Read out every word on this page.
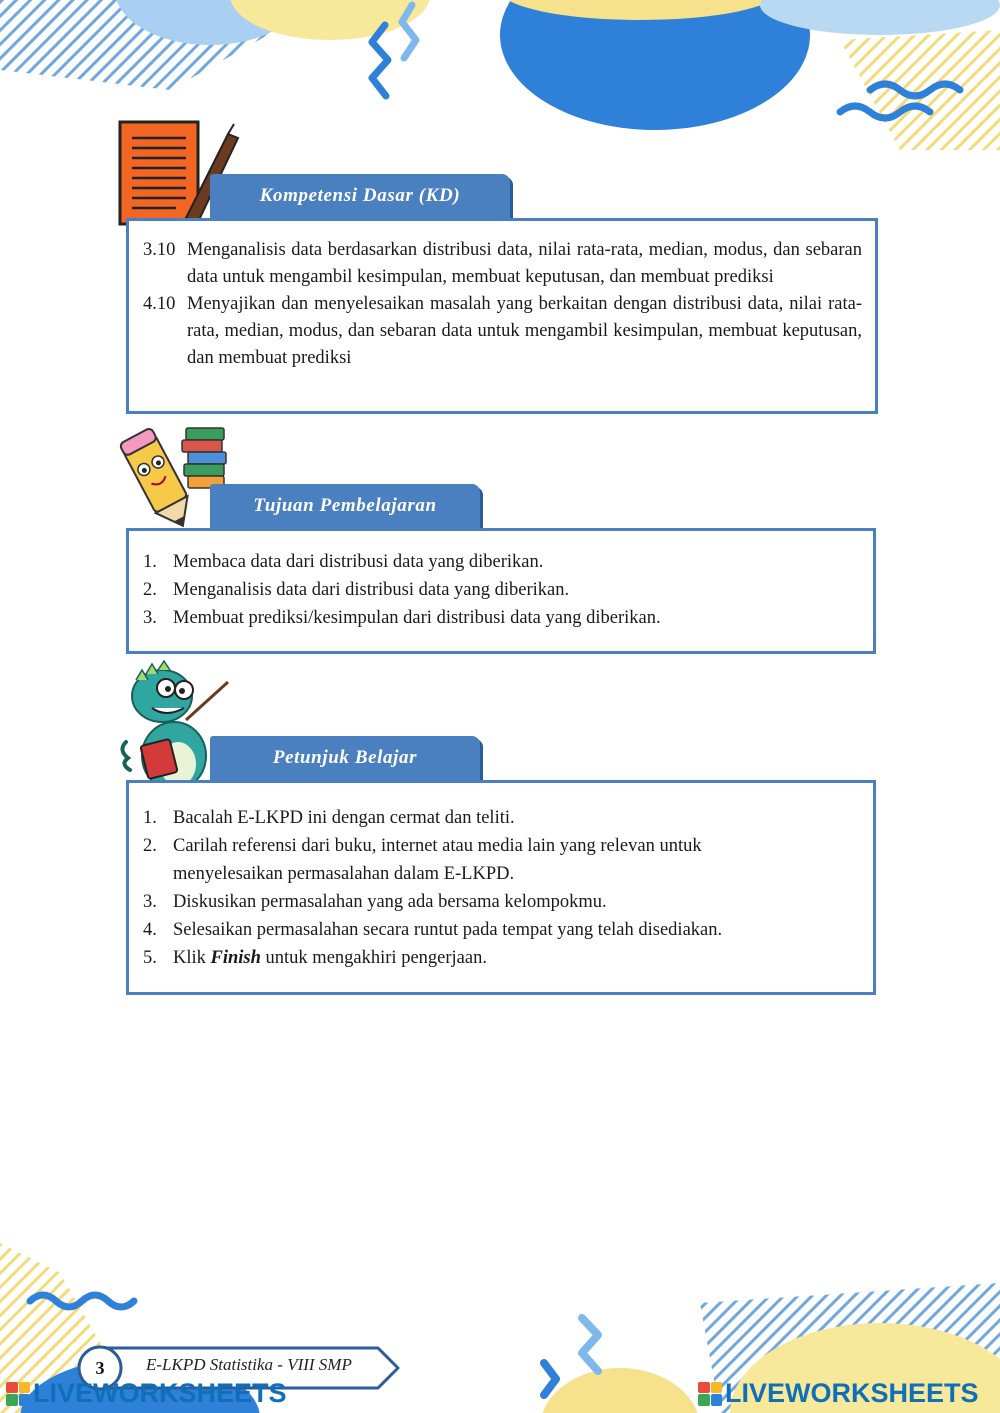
Kompetensi Dasar (KD)
3.10 Menganalisis data berdasarkan distribusi data, nilai rata-rata, median, modus, dan sebaran data untuk mengambil kesimpulan, membuat keputusan, dan membuat prediksi
4.10 Menyajikan dan menyelesaikan masalah yang berkaitan dengan distribusi data, nilai rata-rata, median, modus, dan sebaran data untuk mengambil kesimpulan, membuat keputusan, dan membuat prediksi
Tujuan Pembelajaran
1. Membaca data dari distribusi data yang diberikan.
2. Menganalisis data dari distribusi data yang diberikan.
3. Membuat prediksi/kesimpulan dari distribusi data yang diberikan.
Petunjuk Belajar
1. Bacalah E-LKPD ini dengan cermat dan teliti.
2. Carilah referensi dari buku, internet atau media lain yang relevan untuk menyelesaikan permasalahan dalam E-LKPD.
3. Diskusikan permasalahan yang ada bersama kelompokmu.
4. Selesaikan permasalahan secara runtut pada tempat yang telah disediakan.
5. Klik Finish untuk mengakhiri pengerjaan.
3	E-LKPD Statistika - VIII SMP
LIVEWORKSHEETS	LIVEWORKSHEETS
